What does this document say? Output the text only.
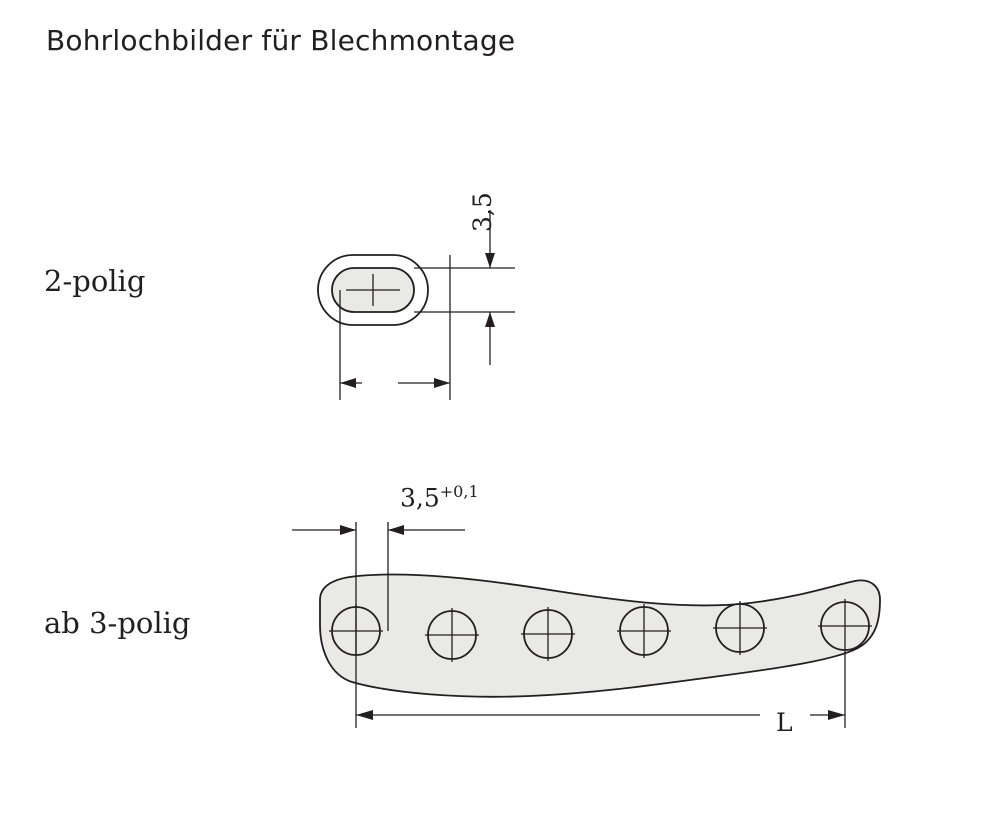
Bohrlochbilder für Blechmontage
2-polig
ab 3-polig
3,5
$3,5^{+0,1}$
L
